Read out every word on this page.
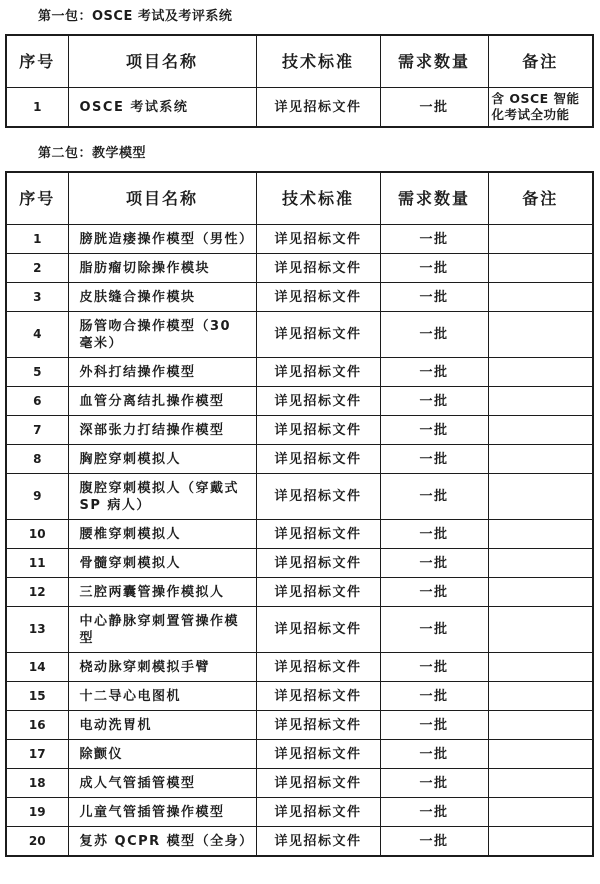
第一包：OSCE 考试及考评系统
序号	项目名称	技术标准	需求数量	备注
1	OSCE 考试系统	详见招标文件	一批	含 OSCE 智能化考试全功能
第二包：教学模型
序号	项目名称	技术标准	需求数量	备注
1	膀胱造瘘操作模型（男性）	详见招标文件	一批	
2	脂肪瘤切除操作模块	详见招标文件	一批	
3	皮肤缝合操作模块	详见招标文件	一批	
4	肠管吻合操作模型（30 毫米）	详见招标文件	一批	
5	外科打结操作模型	详见招标文件	一批	
6	血管分离结扎操作模型	详见招标文件	一批	
7	深部张力打结操作模型	详见招标文件	一批	
8	胸腔穿刺模拟人	详见招标文件	一批	
9	腹腔穿刺模拟人（穿戴式 SP 病人）	详见招标文件	一批	
10	腰椎穿刺模拟人	详见招标文件	一批	
11	骨髓穿刺模拟人	详见招标文件	一批	
12	三腔两囊管操作模拟人	详见招标文件	一批	
13	中心静脉穿刺置管操作模型	详见招标文件	一批	
14	桡动脉穿刺模拟手臂	详见招标文件	一批	
15	十二导心电图机	详见招标文件	一批	
16	电动洗胃机	详见招标文件	一批	
17	除颤仪	详见招标文件	一批	
18	成人气管插管模型	详见招标文件	一批	
19	儿童气管插管操作模型	详见招标文件	一批	
20	复苏 QCPR 模型（全身）	详见招标文件	一批	
